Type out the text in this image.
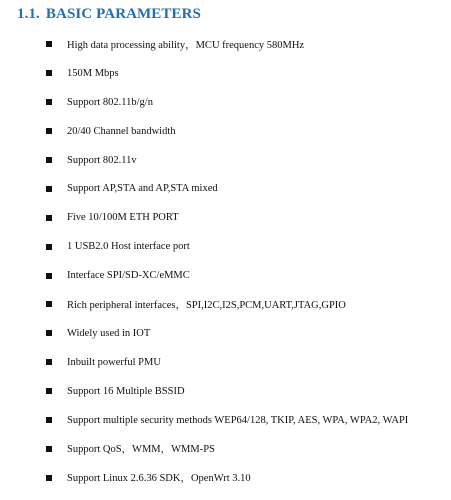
1.1. BASIC PARAMETERS
High data processing ability，MCU frequency 580MHz
150M Mbps
Support 802.11b/g/n
20/40 Channel bandwidth
Support 802.11v
Support AP,STA and AP,STA mixed
Five 10/100M ETH PORT
1 USB2.0 Host interface port
Interface SPI/SD-XC/eMMC
Rich peripheral interfaces，SPI,I2C,I2S,PCM,UART,JTAG,GPIO
Widely used in IOT
Inbuilt powerful PMU
Support 16 Multiple BSSID
Support multiple security methods WEP64/128, TKIP, AES, WPA, WPA2, WAPI
Support QoS，WMM，WMM-PS
Support Linux 2.6.36 SDK，OpenWrt 3.10
